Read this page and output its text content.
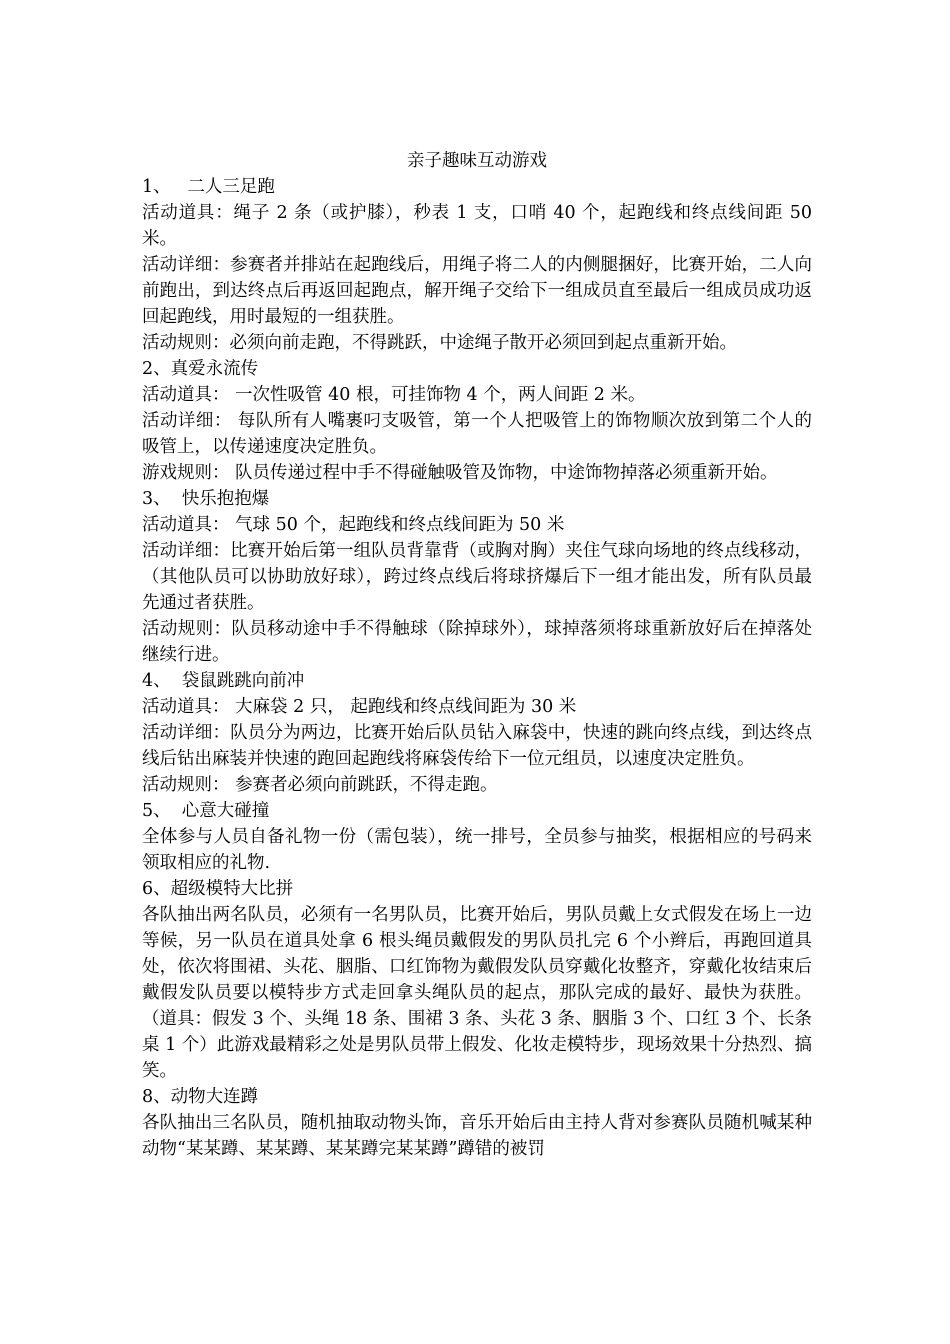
亲子趣味互动游戏

1、   二人三足跑

活动道具：绳子 2 条（或护膝），秒表 1 支，口哨 40 个，起跑线和终点线间距 50 米。

活动详细：参赛者并排站在起跑线后，用绳子将二人的内侧腿捆好，比赛开始，二人向前跑出，到达终点后再返回起跑点，解开绳子交给下一组成员直至最后一组成员成功返回起跑线，用时最短的一组获胜。

活动规则：必须向前走跑，不得跳跃，中途绳子散开必须回到起点重新开始。

2、真爱永流传

活动道具： 一次性吸管 40 根，可挂饰物 4 个，两人间距 2 米。

活动详细： 每队所有人嘴裹叼支吸管，第一个人把吸管上的饰物顺次放到第二个人的吸管上，以传递速度决定胜负。

游戏规则： 队员传递过程中手不得碰触吸管及饰物，中途饰物掉落必须重新开始。

3、  快乐抱抱爆

活动道具： 气球 50 个，起跑线和终点线间距为 50 米

活动详细：比赛开始后第一组队员背靠背（或胸对胸）夹住气球向场地的终点线移动，（其他队员可以协助放好球），跨过终点线后将球挤爆后下一组才能出发，所有队员最先通过者获胜。

活动规则：队员移动途中手不得触球（除掉球外），球掉落须将球重新放好后在掉落处继续行进。

4、  袋鼠跳跳向前冲

活动道具： 大麻袋 2 只， 起跑线和终点线间距为 30 米

活动详细：队员分为两边，比赛开始后队员钻入麻袋中，快速的跳向终点线，到达终点线后钻出麻装并快速的跑回起跑线将麻袋传给下一位元组员，以速度决定胜负。

活动规则： 参赛者必须向前跳跃，不得走跑。

5、  心意大碰撞

全体参与人员自备礼物一份（需包装），统一排号，全员参与抽奖，根据相应的号码来领取相应的礼物.

6、超级模特大比拼

各队抽出两名队员，必须有一名男队员，比赛开始后，男队员戴上女式假发在场上一边等候，另一队员在道具处拿 6 根头绳员戴假发的男队员扎完 6 个小辫后，再跑回道具处，依次将围裙、头花、胭脂、口红饰物为戴假发队员穿戴化妆整齐，穿戴化妆结束后戴假发队员要以模特步方式走回拿头绳队员的起点，那队完成的最好、最快为获胜。（道具：假发 3 个、头绳 18 条、围裙 3 条、头花 3 条、胭脂 3 个、口红 3 个、长条桌 1 个）此游戏最精彩之处是男队员带上假发、化妆走模特步，现场效果十分热烈、搞笑。

8、动物大连蹲

各队抽出三名队员，随机抽取动物头饰，音乐开始后由主持人背对参赛队员随机喊某种动物“某某蹲、某某蹲、某某蹲完某某蹲”蹲错的被罚
